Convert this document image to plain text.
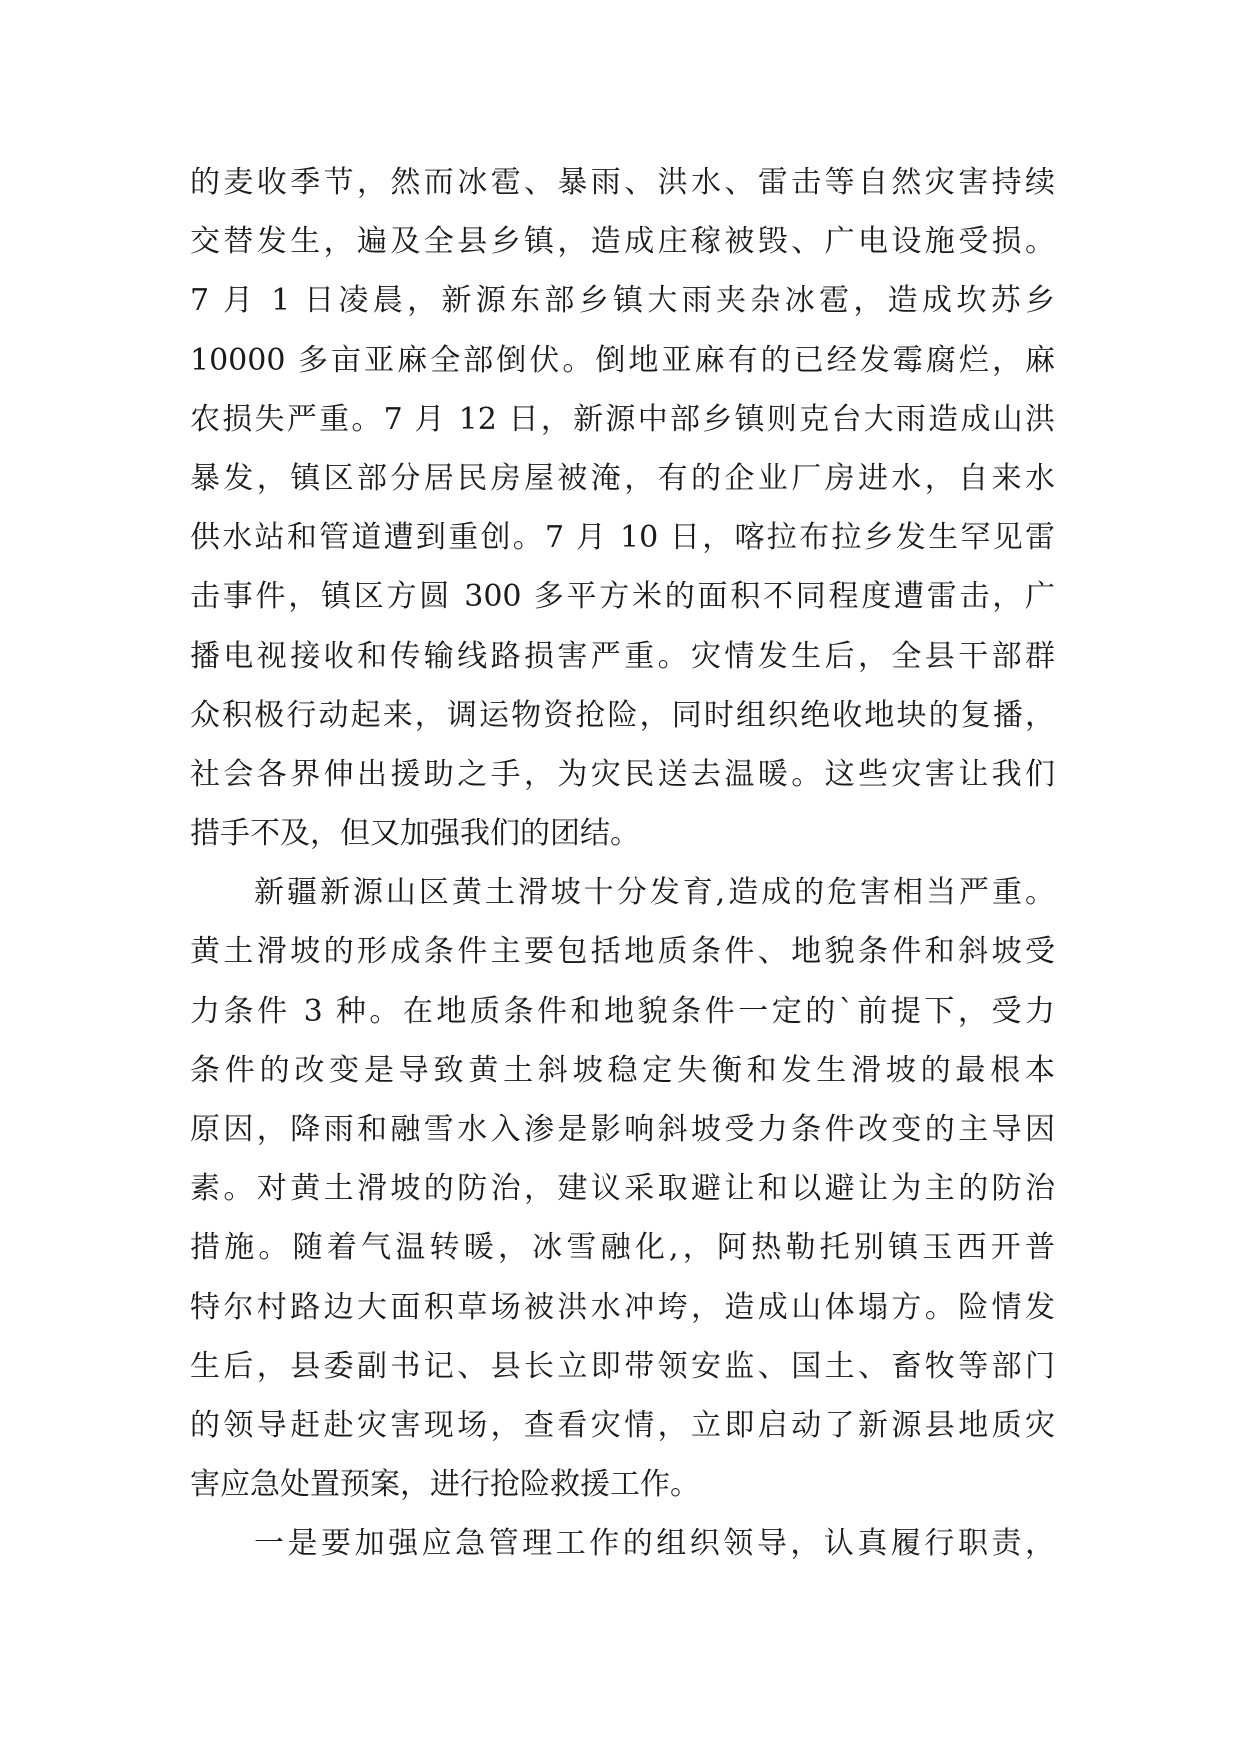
的麦收季节，然而冰雹、暴雨、洪水、雷击等自然灾害持续
交替发生，遍及全县乡镇，造成庄稼被毁、广电设施受损。
7 月 1 日凌晨，新源东部乡镇大雨夹杂冰雹，造成坎苏乡
10000 多亩亚麻全部倒伏。倒地亚麻有的已经发霉腐烂，麻
农损失严重。7 月 12 日，新源中部乡镇则克台大雨造成山洪
暴发，镇区部分居民房屋被淹，有的企业厂房进水，自来水
供水站和管道遭到重创。7 月 10 日，喀拉布拉乡发生罕见雷
击事件，镇区方圆 300 多平方米的面积不同程度遭雷击，广
播电视接收和传输线路损害严重。灾情发生后，全县干部群
众积极行动起来，调运物资抢险，同时组织绝收地块的复播，
社会各界伸出援助之手，为灾民送去温暖。这些灾害让我们
措手不及，但又加强我们的团结。
新疆新源山区黄土滑坡十分发育,造成的危害相当严重。
黄土滑坡的形成条件主要包括地质条件、地貌条件和斜坡受
力条件 3 种。在地质条件和地貌条件一定的`前提下，受力
条件的改变是导致黄土斜坡稳定失衡和发生滑坡的最根本
原因，降雨和融雪水入渗是影响斜坡受力条件改变的主导因
素。对黄土滑坡的防治，建议采取避让和以避让为主的防治
措施。随着气温转暖，冰雪融化,，阿热勒托别镇玉西开普
特尔村路边大面积草场被洪水冲垮，造成山体塌方。险情发
生后，县委副书记、县长立即带领安监、国土、畜牧等部门
的领导赶赴灾害现场，查看灾情，立即启动了新源县地质灾
害应急处置预案，进行抢险救援工作。
一是要加强应急管理工作的组织领导，认真履行职责，
